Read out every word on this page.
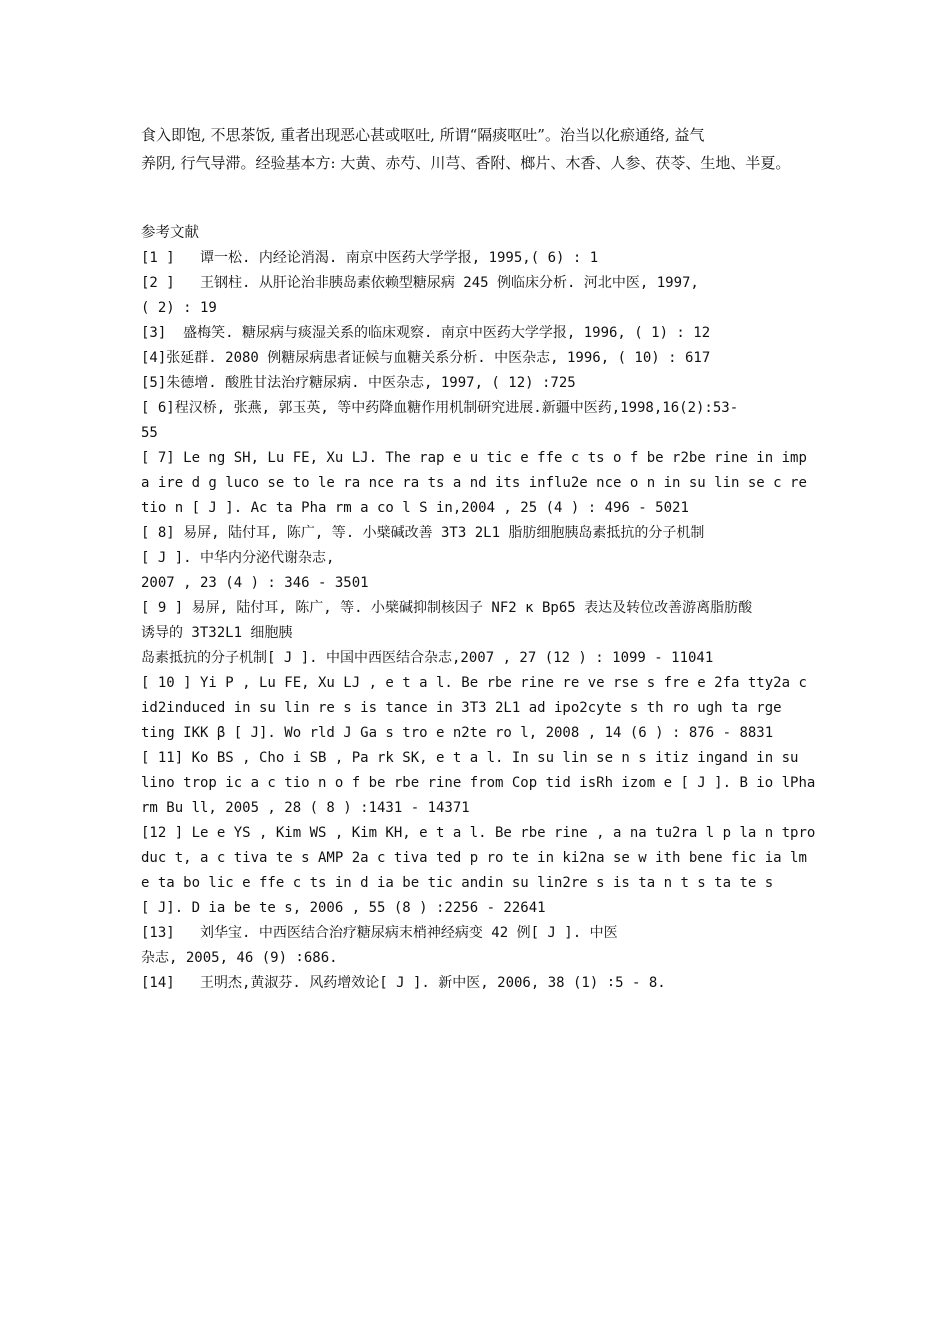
食入即饱, 不思茶饭, 重者出现恶心甚或呕吐, 所谓“隔痰呕吐”。治当以化瘀通络, 益气

养阴, 行气导滞。经验基本方: 大黄、赤芍、川芎、香附、榔片、木香、人参、茯苓、生地、半夏。

参考文献

[1 ]   谭一松. 内经论消渴. 南京中医药大学学报, 1995,( 6) : 1

[2 ]   王钢柱. 从肝论治非胰岛素依赖型糖尿病 245 例临床分析. 河北中医, 1997,

( 2) : 19

[3]  盛梅笑. 糖尿病与痰湿关系的临床观察. 南京中医药大学学报, 1996, ( 1) : 12

[4]张延群. 2080 例糖尿病患者证候与血糖关系分析. 中医杂志, 1996, ( 10) : 617

[5]朱德增. 酸胜甘法治疗糖尿病. 中医杂志, 1997, ( 12) :725

[ 6]程汉桥, 张燕, 郭玉英, 等中药降血糖作用机制研究进展.新疆中医药,1998,16(2):53-

55

[ 7] Le ng SH, Lu FE, Xu LJ. The rap e u tic e ffe c ts o f be r2be rine in imp

a ire d g luco se to le ra nce ra ts a nd its influ2e nce o n in su lin se c re

tio n [ J ]. Ac ta Pha rm a co l S in,2004 , 25 (4 ) : 496 - 5021

[ 8] 易屏, 陆付耳, 陈广, 等. 小檗碱改善 3T3 2L1 脂肪细胞胰岛素抵抗的分子机制

[ J ]. 中华内分泌代谢杂志,

2007 , 23 (4 ) : 346 - 3501

[ 9 ] 易屏, 陆付耳, 陈广, 等. 小檗碱抑制核因子 NF2 κ Bp65 表达及转位改善游离脂肪酸

诱导的 3T32L1 细胞胰

岛素抵抗的分子机制[ J ]. 中国中西医结合杂志,2007 , 27 (12 ) : 1099 - 11041

[ 10 ] Yi P , Lu FE, Xu LJ , e t a l. Be rbe rine re ve rse s fre e 2fa tty2a c

id2induced in su lin re s is tance in 3T3 2L1 ad ipo2cyte s th ro ugh ta rge

ting IKK β [ J]. Wo rld J Ga s tro e n2te ro l, 2008 , 14 (6 ) : 876 - 8831

[ 11] Ko BS , Cho i SB , Pa rk SK, e t a l. In su lin se n s itiz ingand in su

lino trop ic a c tio n o f be rbe rine from Cop tid isRh izom e [ J ]. B io lPha

rm Bu ll, 2005 , 28 ( 8 ) :1431 - 14371

[12 ] Le e YS , Kim WS , Kim KH, e t a l. Be rbe rine , a na tu2ra l p la n tpro

duc t, a c tiva te s AMP 2a c tiva ted p ro te in ki2na se w ith bene fic ia lm

e ta bo lic e ffe c ts in d ia be tic andin su lin2re s is ta n t s ta te s

[ J]. D ia be te s, 2006 , 55 (8 ) :2256 - 22641

[13]   刘华宝. 中西医结合治疗糖尿病末梢神经病变 42 例[ J ]. 中医

杂志, 2005, 46 (9) ∶686.

[14]   王明杰,黄淑芬. 风药增效论[ J ]. 新中医, 2006, 38 (1) ∶5 - 8.
